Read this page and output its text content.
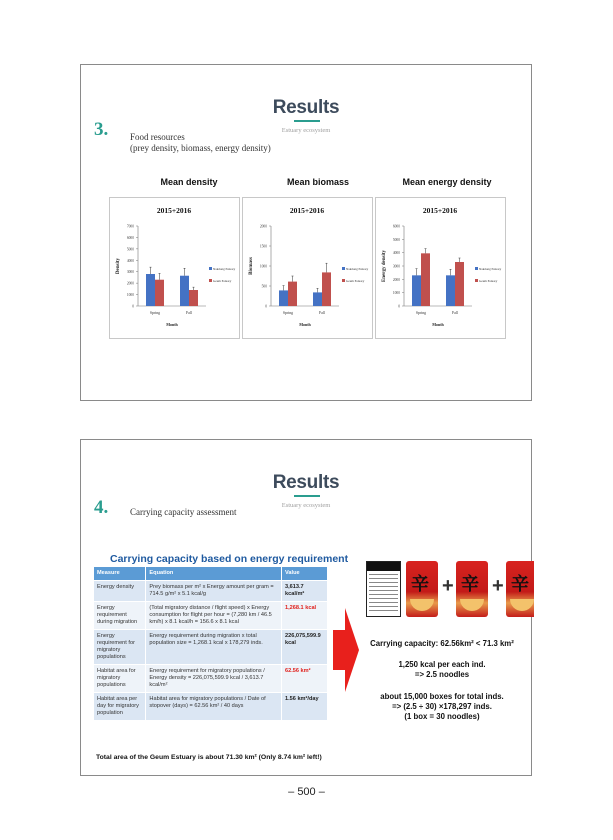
Results
Estuary ecosystem
3. Food resources
(prey density, biomass, energy density)
Mean density	Mean biomass	Mean energy density
2015+2016
0
1000
2000
3000
4000
5000
6000
7000
Density
Spring	Fall
Month
Nakdong Estuary
Geum Estuary
2015+2016
0
500
1000
1500
2000
Biomass
Spring	Fall
Month
Nakdong Estuary
Geum Estuary
2015+2016
0
1000
2000
3000
4000
5000
6000
Energy density
Spring	Fall
Month
Nakdong Estuary
Geum Estuary
Results
Estuary ecosystem
4. Carrying capacity assessment
Carrying capacity based on energy requirement
Measure	Equation	Value
Energy density	Prey biomass per m² x Energy amount per gram = 714.5 g/m² x 5.1 kcal/g	3,613.7 kcal/m²
Energy requirement during migration	(Total migratory distance / flight speed) x Energy consumption for flight per hour = (7,280 km / 46.5 km/h) x 8.1 kcal/h = 156.6 x 8.1 kcal	1,268.1 kcal
Energy requirement for migratory populations	Energy requirement during migration x total population size = 1,268.1 kcal x 178,279 inds.	226,075,599.9 kcal
Habitat area for migratory populations	Energy requirement for migratory populations / Energy density = 226,075,599.9 kcal / 3,613.7 kcal/m²	62.56 km²
Habitat area per day for migratory population	Habitat area for migratory populations / Date of stopover (days) = 62.56 km² / 40 days	1.56 km²/day
Total area of the Geum Estuary is about 71.30 km² (Only 8.74 km² left!)
辛 + 辛 + 辛
Carrying capacity: 62.56km² < 71.3 km²
1,250 kcal per each ind.
=> 2.5 noodles
about 15,000 boxes for total inds.
=> (2.5 ÷ 30) ×178,297 inds.
(1 box = 30 noodles)
– 500 –
